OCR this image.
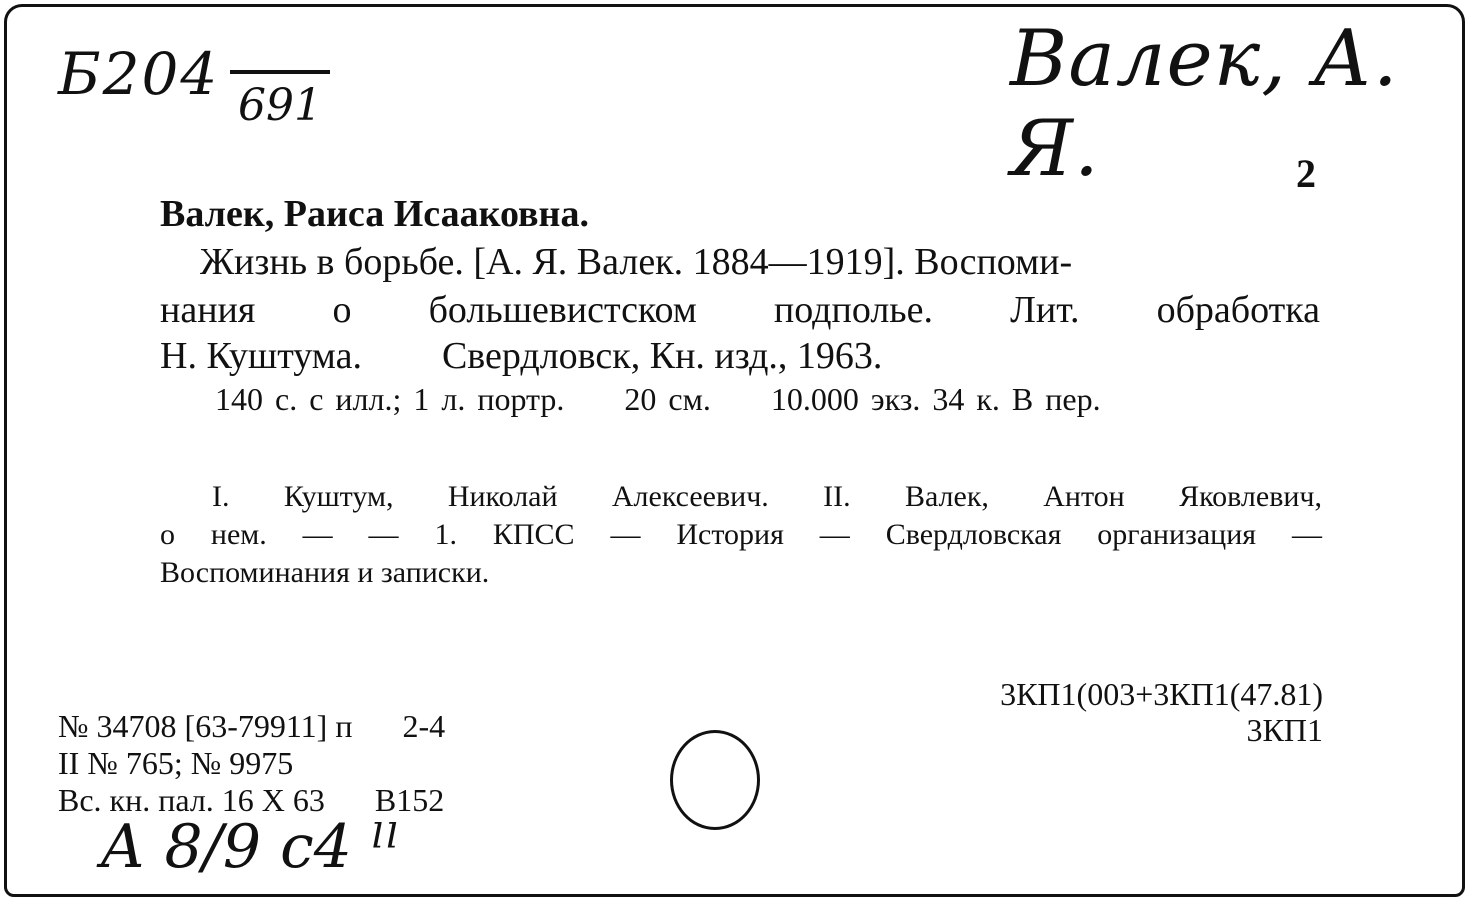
Б204 691
Валек, А. Я.	2
Валек, Раиса Исааковна.
Жизнь в борьбе. [А. Я. Валек. 1884—1919]. Воспоми-
нания о большевистском подполье. Лит. обработка
Н. Куштума. Свердловск, Кн. изд., 1963.
140 с. с илл.; 1 л. портр. 20 см. 10.000 экз. 34 к. В пер.
I. Куштум, Николай Алексеевич. II. Валек, Антон Яковлевич,
о нем. — — 1. КПСС — История — Свердловская организация —
Воспоминания и записки.
3КП1(003+3КП1(47.81)
3КП1
№ 34708 [63-79911] п 2-4
II № 765; № 9975
Вс. кн. пал. 16 X 63 B152
А 8/9 с4 ˡˡ
